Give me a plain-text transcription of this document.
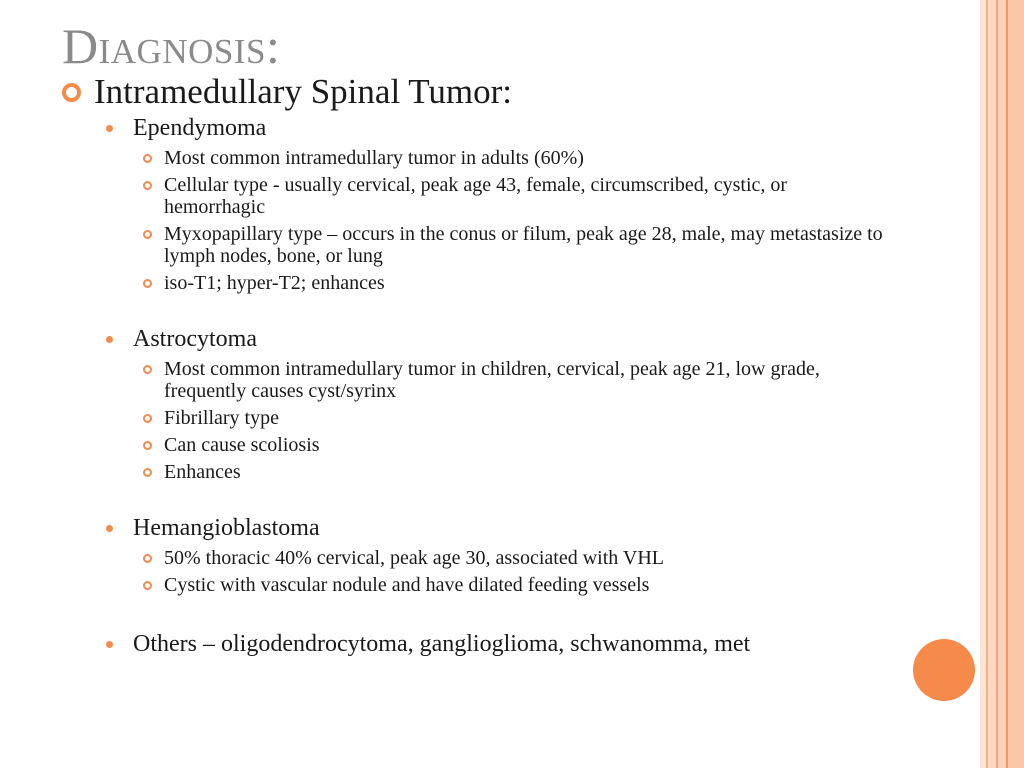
Diagnosis:
Intramedullary Spinal Tumor:
Ependymoma
Most common intramedullary tumor in adults (60%)
Cellular type - usually cervical, peak age 43, female, circumscribed, cystic, or hemorrhagic
Myxopapillary type – occurs in the conus or filum, peak age 28, male, may metastasize to lymph nodes, bone, or lung
iso-T1; hyper-T2; enhances
Astrocytoma
Most common intramedullary tumor in children, cervical, peak age 21, low grade, frequently causes cyst/syrinx
Fibrillary type
Can cause scoliosis
Enhances
Hemangioblastoma
50% thoracic 40% cervical, peak age 30, associated with VHL
Cystic with vascular nodule and have dilated feeding vessels
Others – oligodendrocytoma, ganglioglioma, schwanomma, met
